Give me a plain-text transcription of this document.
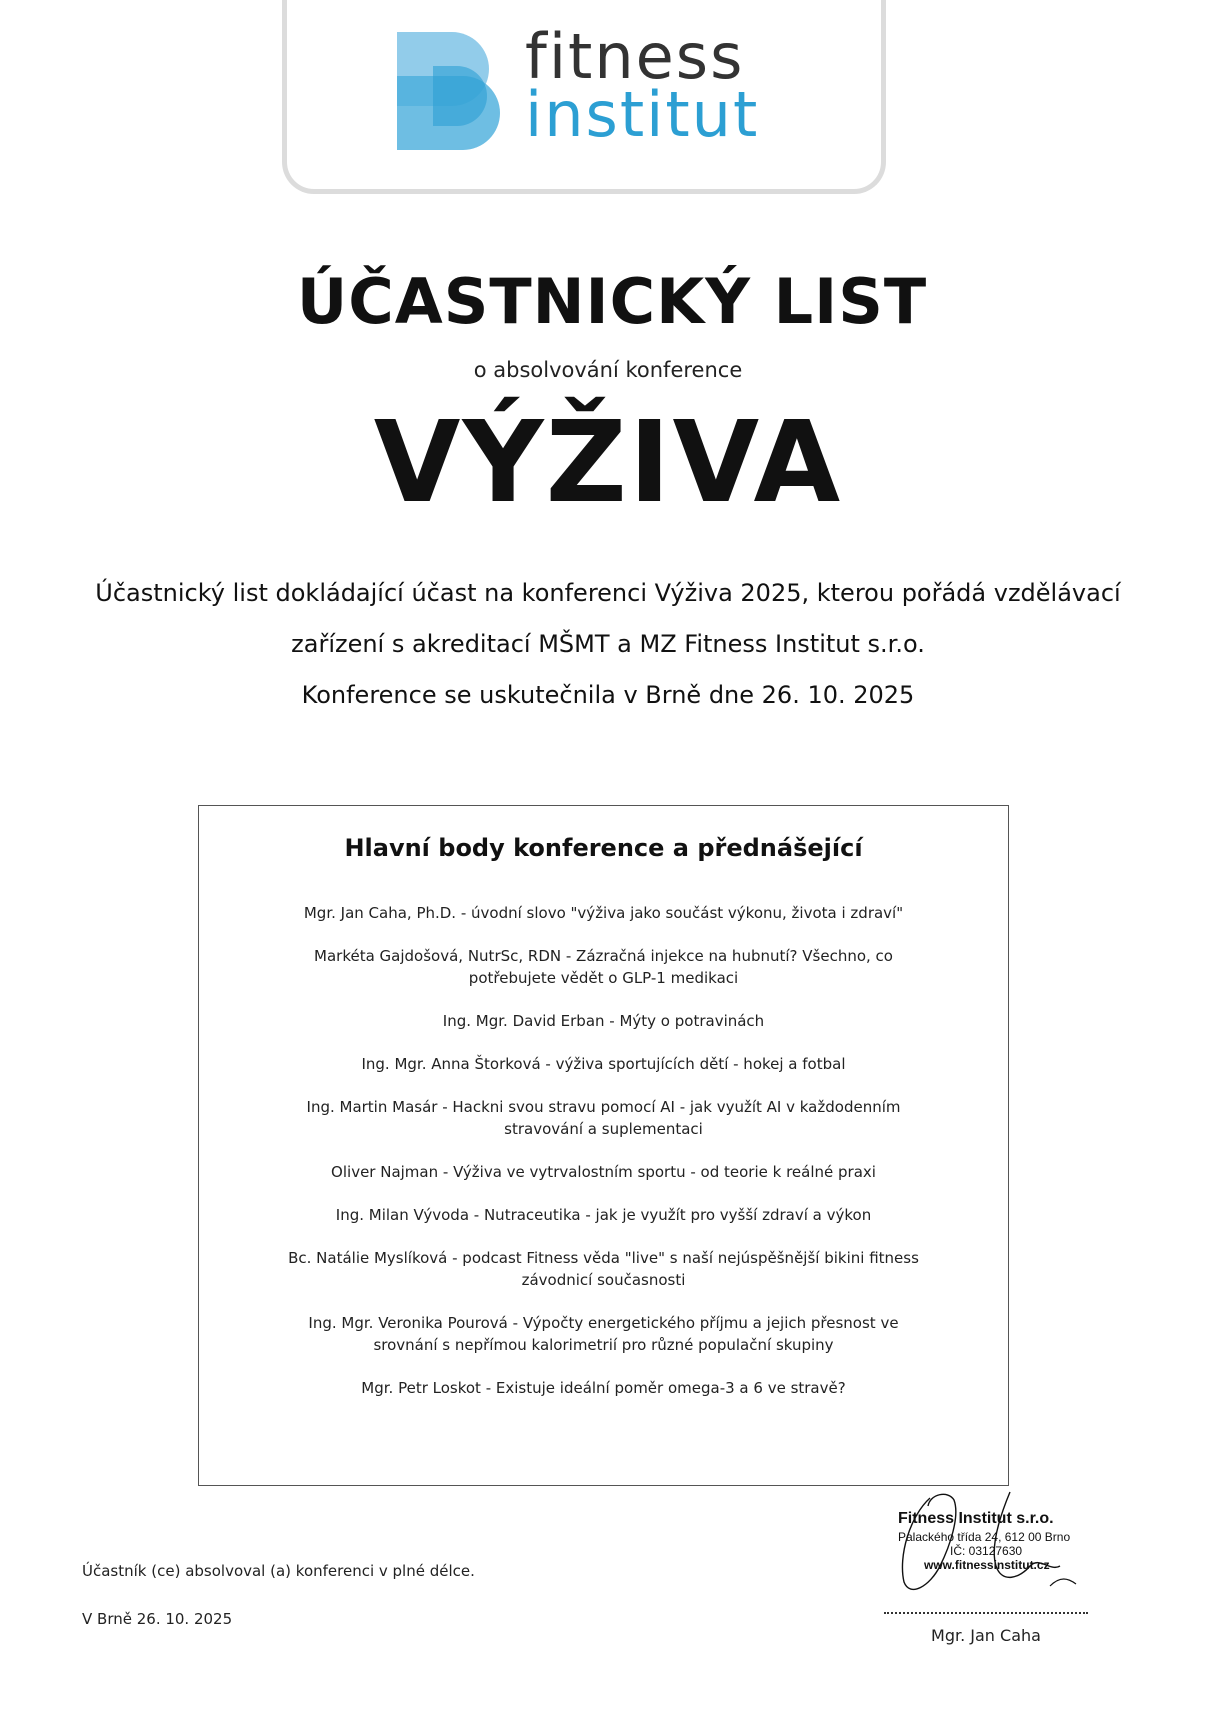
fitness
institut
ÚČASTNICKÝ LIST
o absolvování konference
VÝŽIVA
Účastnický list dokládající účast na konferenci Výživa 2025, kterou pořádá vzdělávací
zařízení s akreditací MŠMT a MZ Fitness Institut s.r.o.
Konference se uskutečnila v Brně dne 26. 10. 2025
Hlavní body konference a přednášející
Mgr. Jan Caha, Ph.D. - úvodní slovo "výživa jako součást výkonu, života i zdraví"
Markéta Gajdošová, NutrSc, RDN - Zázračná injekce na hubnutí? Všechno, co potřebujete vědět o GLP-1 medikaci
Ing. Mgr. David Erban - Mýty o potravinách
Ing. Mgr. Anna Štorková - výživa sportujících dětí - hokej a fotbal
Ing. Martin Masár - Hackni svou stravu pomocí AI - jak využít AI v každodenním stravování a suplementaci
Oliver Najman - Výživa ve vytrvalostním sportu - od teorie k reálné praxi
Ing. Milan Vývoda - Nutraceutika - jak je využít pro vyšší zdraví a výkon
Bc. Natálie Myslíková - podcast Fitness věda "live" s naší nejúspěšnější bikini fitness závodnicí současnosti
Ing. Mgr. Veronika Pourová - Výpočty energetického příjmu a jejich přesnost ve srovnání s nepřímou kalorimetrií pro různé populační skupiny
Mgr. Petr Loskot - Existuje ideální poměr omega-3 a 6 ve stravě?
Účastník (ce) absolvoval (a) konferenci v plné délce.
V Brně 26. 10. 2025
Fitness Institut s.r.o.
Palackého třída 24, 612 00 Brno
IČ: 03127630
www.fitnessinstitut.cz
Mgr. Jan Caha
